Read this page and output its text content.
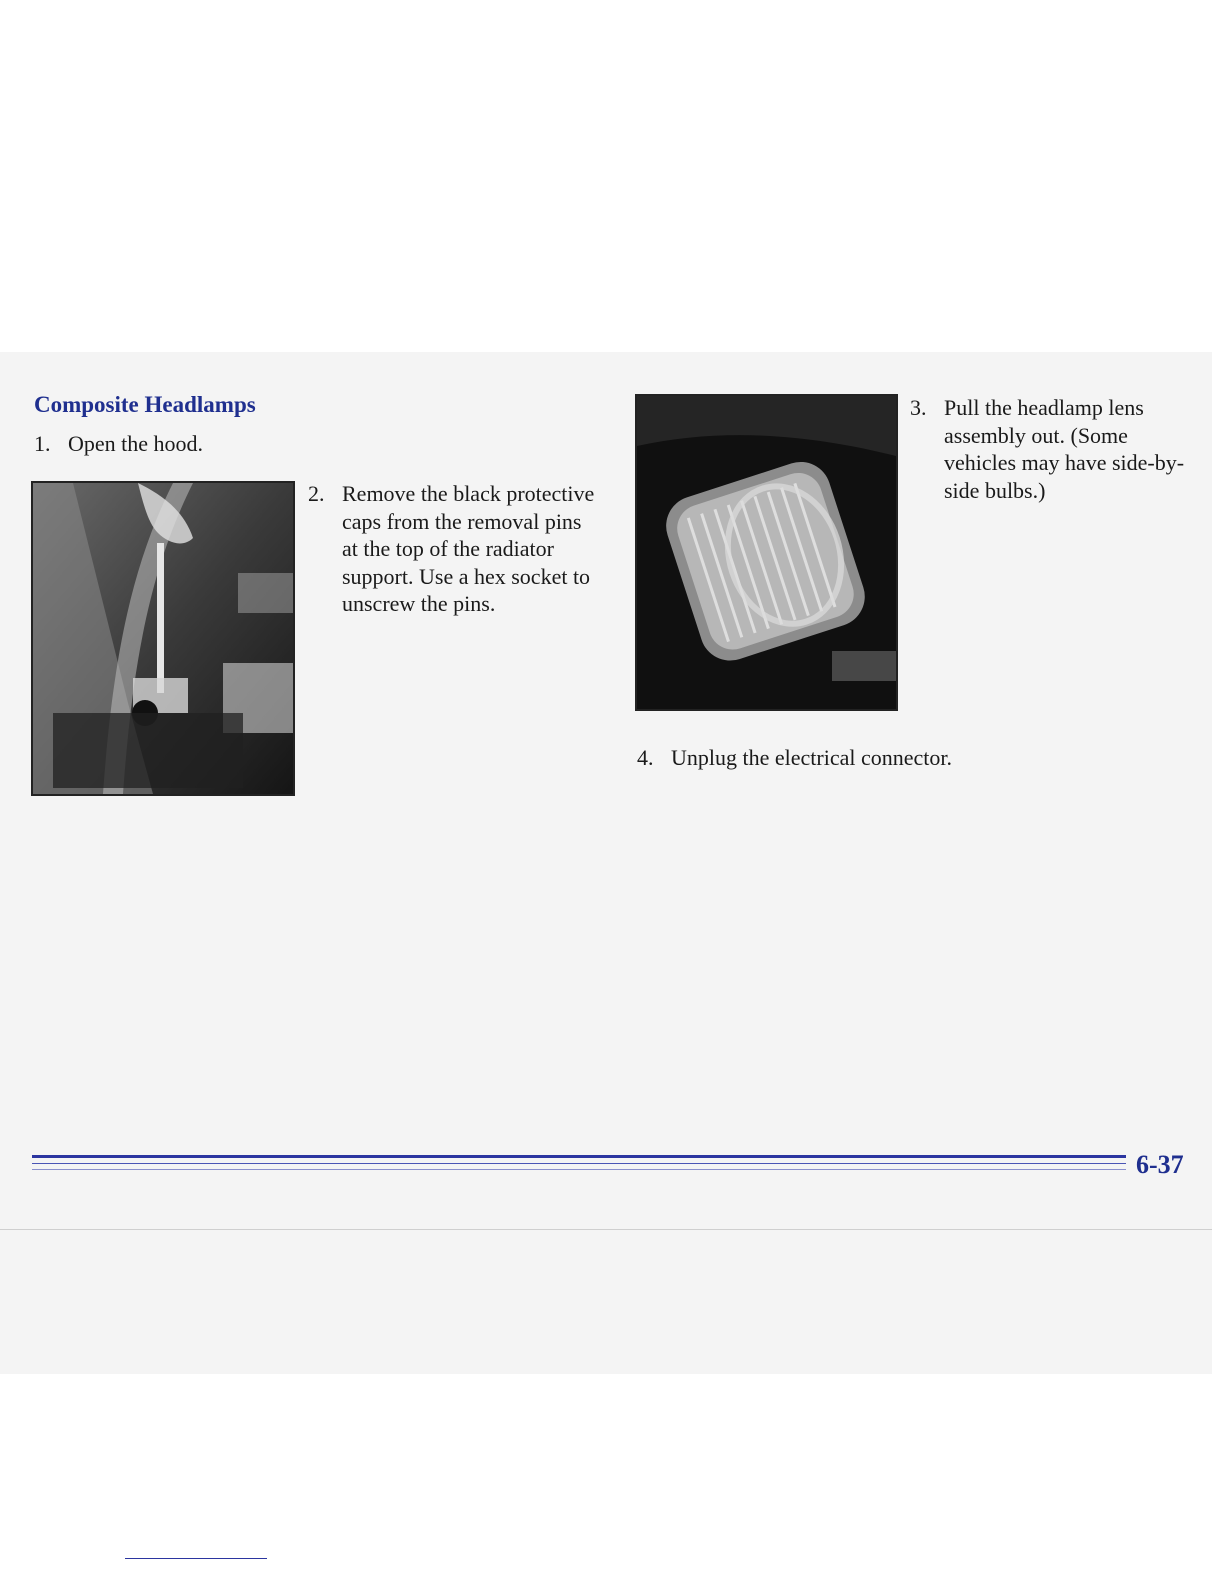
Composite Headlamps
1. Open the hood.
2. Remove the black protective caps from the removal pins at the top of the radiator support. Use a hex socket to unscrew the pins.
3. Pull the headlamp lens assembly out. (Some vehicles may have side-by-side bulbs.)
4. Unplug the electrical connector.
6-37
